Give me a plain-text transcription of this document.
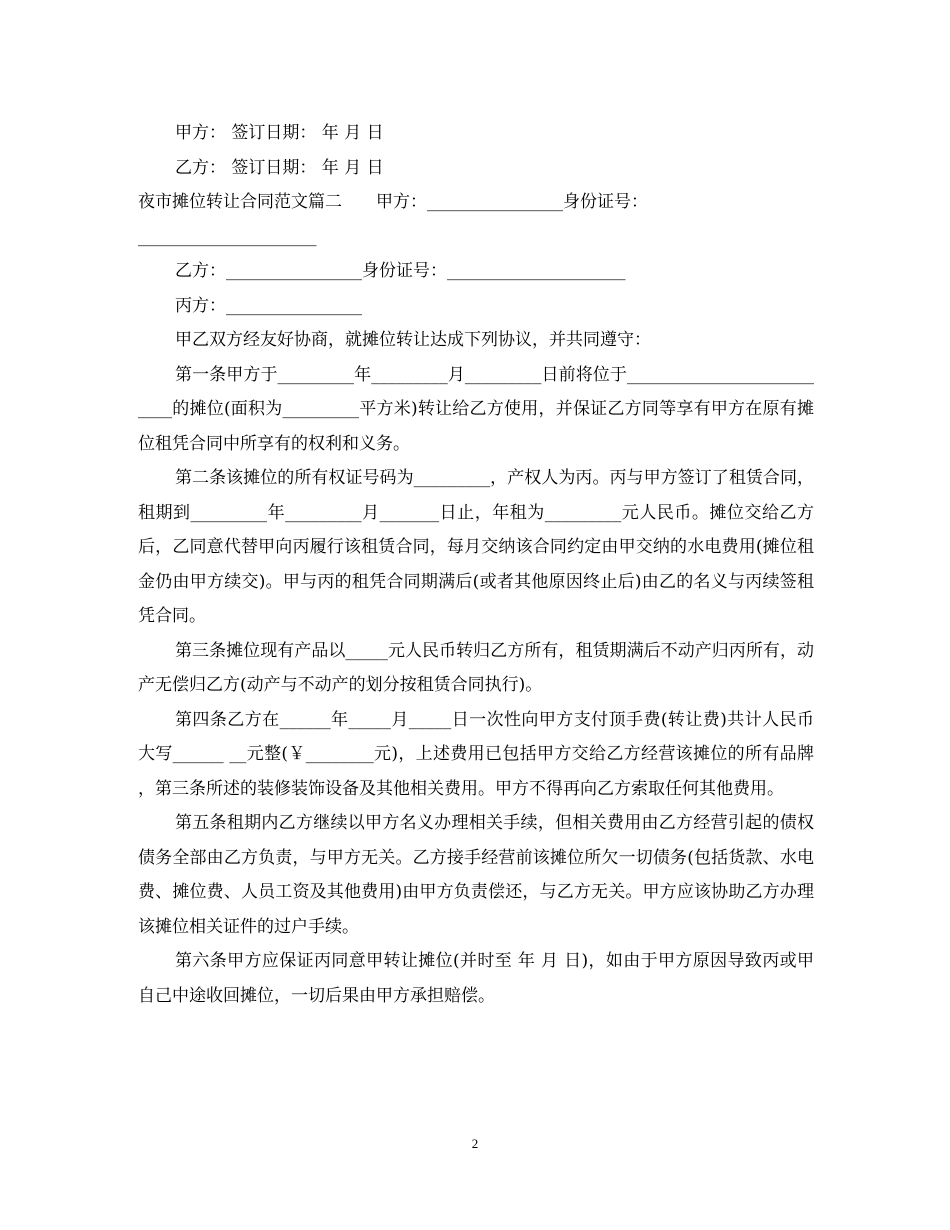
甲方： 签订日期： 年 月 日
乙方： 签订日期： 年 月 日
夜市摊位转让合同范文篇二　　甲方：________________身份证号：
_____________________
乙方：________________身份证号：_____________________
丙方：________________
甲乙双方经友好协商，就摊位转让达成下列协议，并共同遵守：
第一条甲方于_________年_________月_________日前将位于__________________________的摊位(面积为_________平方米)转让给乙方使用，并保证乙方同等享有甲方在原有摊位租凭合同中所享有的权利和义务。
第二条该摊位的所有权证号码为_________，产权人为丙。丙与甲方签订了租赁合同，租期到_________年_________月_______日止，年租为_________元人民币。摊位交给乙方后，乙同意代替甲向丙履行该租赁合同，每月交纳该合同约定由甲交纳的水电费用(摊位租金仍由甲方续交)。甲与丙的租凭合同期满后(或者其他原因终止后)由乙的名义与丙续签租凭合同。
第三条摊位现有产品以_____元人民币转归乙方所有，租赁期满后不动产归丙所有，动产无偿归乙方(动产与不动产的划分按租赁合同执行)。
第四条乙方在______年_____月_____日一次性向甲方支付顶手费(转让费)共计人民币大写______ __元整(￥________元)，上述费用已包括甲方交给乙方经营该摊位的所有品牌，第三条所述的装修装饰设备及其他相关费用。甲方不得再向乙方索取任何其他费用。
第五条租期内乙方继续以甲方名义办理相关手续，但相关费用由乙方经营引起的债权债务全部由乙方负责，与甲方无关。乙方接手经营前该摊位所欠一切债务(包括货款、水电费、摊位费、人员工资及其他费用)由甲方负责偿还，与乙方无关。甲方应该协助乙方办理该摊位相关证件的过户手续。
第六条甲方应保证丙同意甲转让摊位(并时至 年 月 日)，如由于甲方原因导致丙或甲自己中途收回摊位，一切后果由甲方承担赔偿。
2
